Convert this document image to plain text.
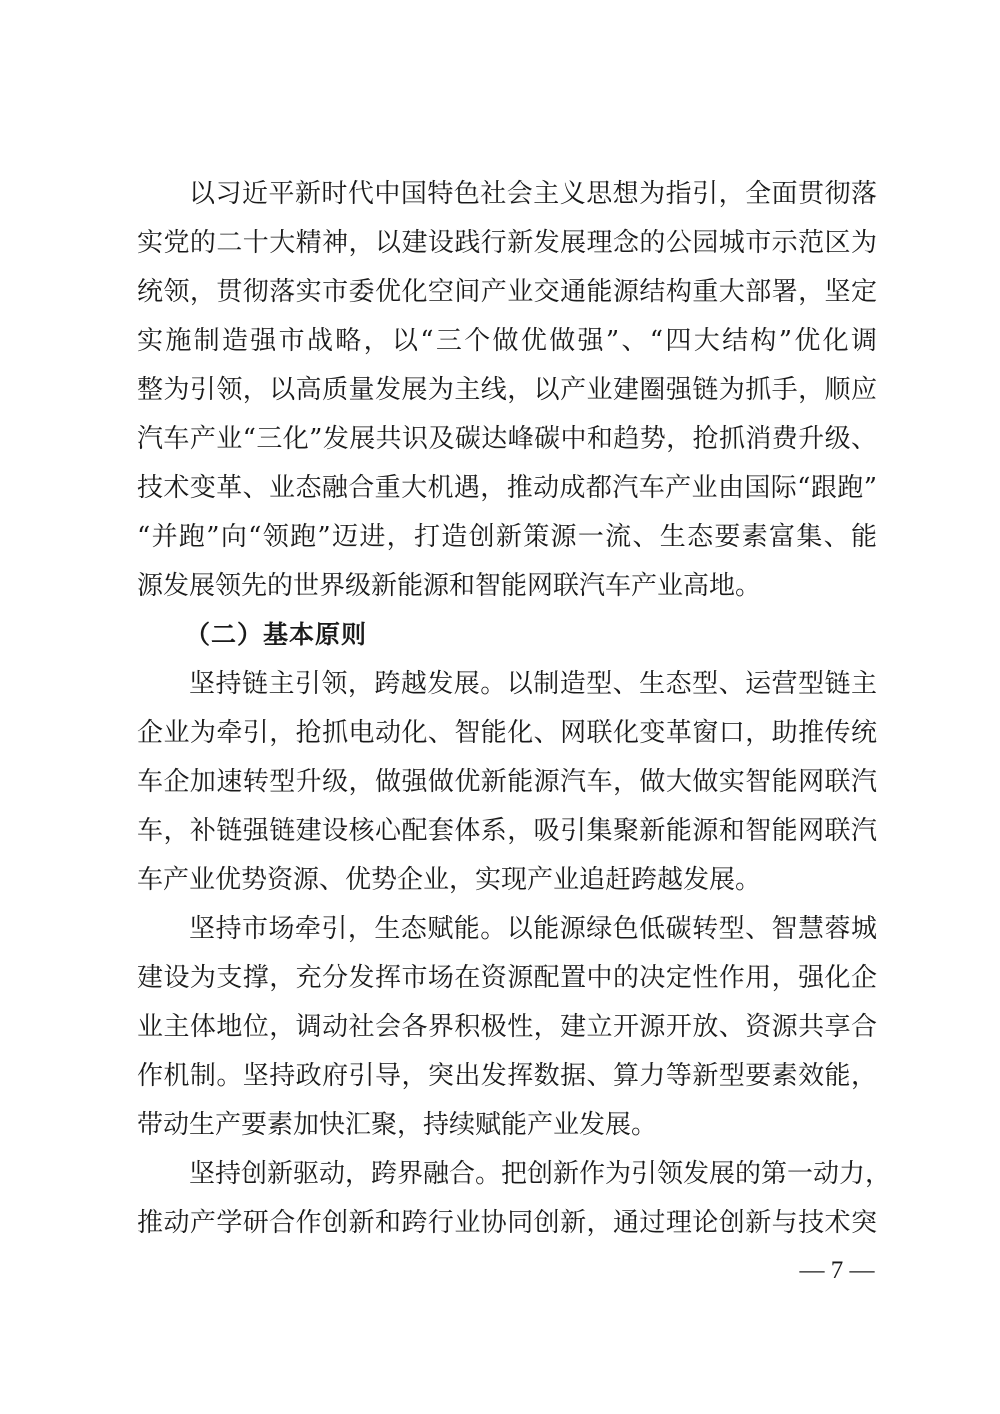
以习近平新时代中国特色社会主义思想为指引，全面贯彻落
实党的二十大精神，以建设践行新发展理念的公园城市示范区为
统领，贯彻落实市委优化空间产业交通能源结构重大部署，坚定
实施制造强市战略，以“三个做优做强”、“四大结构”优化调
整为引领，以高质量发展为主线，以产业建圈强链为抓手，顺应
汽车产业“三化”发展共识及碳达峰碳中和趋势，抢抓消费升级、
技术变革、业态融合重大机遇，推动成都汽车产业由国际“跟跑”
“并跑”向“领跑”迈进，打造创新策源一流、生态要素富集、能
源发展领先的世界级新能源和智能网联汽车产业高地。
（二）基本原则
坚持链主引领，跨越发展。以制造型、生态型、运营型链主
企业为牵引，抢抓电动化、智能化、网联化变革窗口，助推传统
车企加速转型升级，做强做优新能源汽车，做大做实智能网联汽
车，补链强链建设核心配套体系，吸引集聚新能源和智能网联汽
车产业优势资源、优势企业，实现产业追赶跨越发展。
坚持市场牵引，生态赋能。以能源绿色低碳转型、智慧蓉城
建设为支撑，充分发挥市场在资源配置中的决定性作用，强化企
业主体地位，调动社会各界积极性，建立开源开放、资源共享合
作机制。坚持政府引导，突出发挥数据、算力等新型要素效能，
带动生产要素加快汇聚，持续赋能产业发展。
坚持创新驱动，跨界融合。把创新作为引领发展的第一动力，
推动产学研合作创新和跨行业协同创新，通过理论创新与技术突
— 7 —
